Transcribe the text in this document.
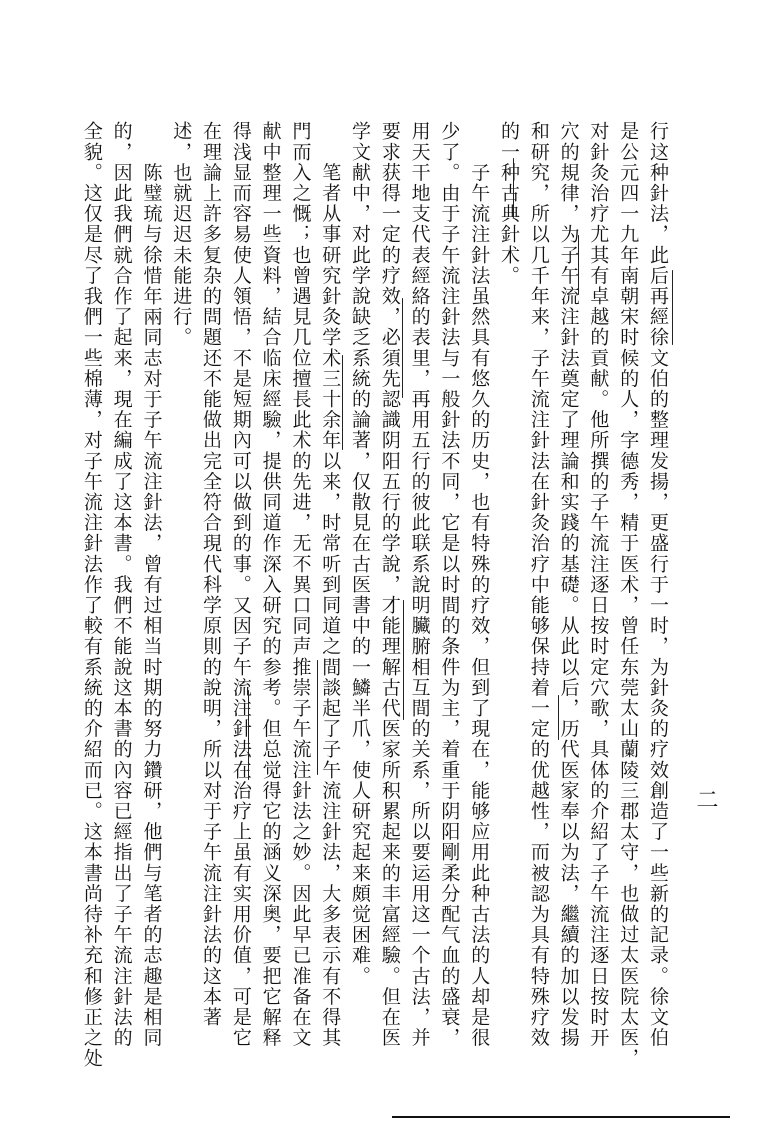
行这种針法，此后再經徐文伯的整理发揚，更盛行于一时，为針灸的疗效創造了一些新的記录。徐文伯
是公元四一九年南朝宋时候的人，字德秀，精于医术，曾任东莞太山蘭陵三郡太守，也做过太医院太医，
对針灸治疗尤其有卓越的貢献。他所撰的子午流注逐日按时定穴歌，具体的介紹了子午流注逐日按时开
穴的規律，为子午流注針法奠定了理論和实踐的基礎。从此以后，历代医家奉以为法，繼續的加以发揚
和研究，所以几千年来，子午流注針法在針灸治疗中能够保持着一定的优越性，而被認为具有特殊疗效
的一种古典針术。
　　子午流注針法虽然具有悠久的历史，也有特殊的疗效，但到了現在，能够应用此种古法的人却是很
少了。由于子午流注針法与一般針法不同，它是以时間的条件为主，着重于阴阳剛柔分配气血的盛衰，
用天干地支代表經絡的表里，再用五行的彼此联系說明臟腑相互間的关系，所以要运用这一个古法，并
要求获得一定的疗效，必須先認識阴阳五行的学說，才能理解古代医家所积累起来的丰富經驗。但在医
学文献中，对此学說缺乏系統的論著，仅散見在古医書中的一鱗半爪，使人研究起来頗觉困难。
　　笔者从事研究針灸学术三十余年以来，时常听到同道之間談起了子午流注針法，大多表示有不得其
門而入之慨；也曾遇見几位擅長此术的先进，无不異口同声推崇子午流注針法之妙。因此早已准备在文
献中整理一些資料，結合临床經驗，提供同道作深入研究的参考。但总觉得它的涵义深奥，要把它解释
得浅显而容易使人領悟，不是短期內可以做到的事。又因子午流注針法在治疗上虽有实用价值，可是它
在理論上許多复杂的問題还不能做出完全符合現代科学原則的說明，所以对于子午流注針法的这本著
述，也就迟迟未能进行。
　　陈璧琉与徐惜年兩同志对于子午流注針法，曾有过相当时期的努力鑽研，他們与笔者的志趣是相同
的，因此我們就合作了起来，現在編成了这本書。我們不能說这本書的內容已經指出了子午流注針法的
全貌。这仅是尽了我們一些棉薄，对子午流注針法作了較有系統的介紹而已。这本書尚待补充和修正之处	二
